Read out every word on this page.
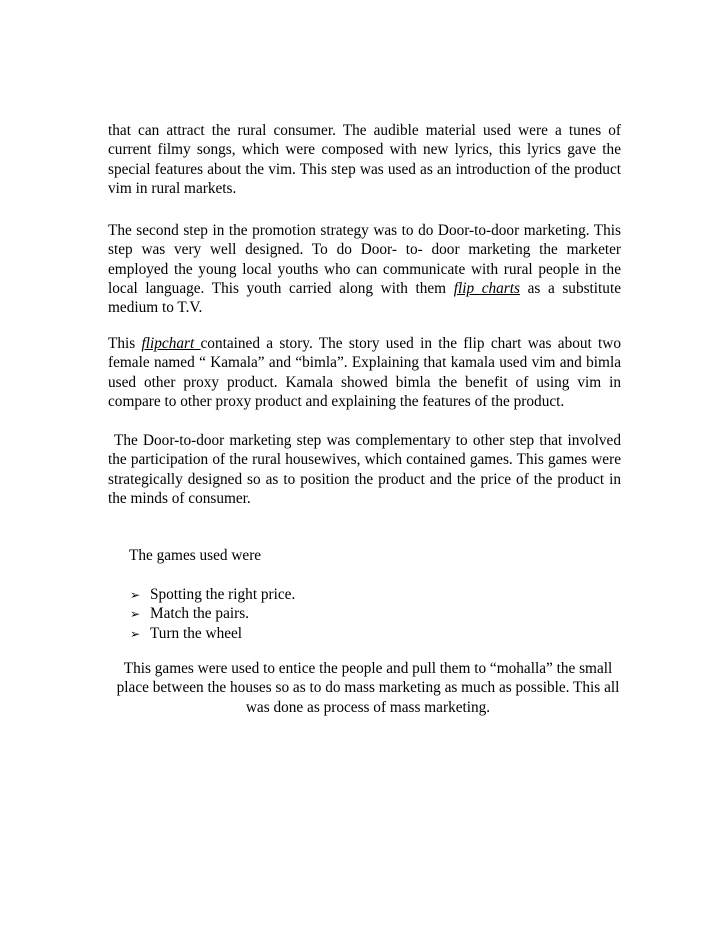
that can attract the rural consumer. The audible material used were a tunes of current filmy songs, which were composed with new lyrics, this lyrics gave the special features about the vim. This step was used as an introduction of the product vim in rural markets.

The second step in the promotion strategy was to do Door-to-door marketing. This step was very well designed. To do Door- to- door marketing the marketer employed the young local youths who can communicate with rural people in the local language. This youth carried along with them flip charts as a substitute medium to T.V.

This flipchart contained a story. The story used in the flip chart was about two female named “ Kamala” and “bimla”. Explaining that kamala used vim and bimla used other proxy product. Kamala showed bimla the benefit of using vim in compare to other proxy product and explaining the features of the product.

The Door-to-door marketing step was complementary to other step that involved the participation of the rural housewives, which contained games. This games were strategically designed so as to position the product and the price of the product in the minds of consumer.

The games used were

➢ Spotting the right price.
➢ Match the pairs.
➢ Turn the wheel

This games were used to entice the people and pull them to “mohalla” the small place between the houses so as to do mass marketing as much as possible. This all was done as process of mass marketing.
